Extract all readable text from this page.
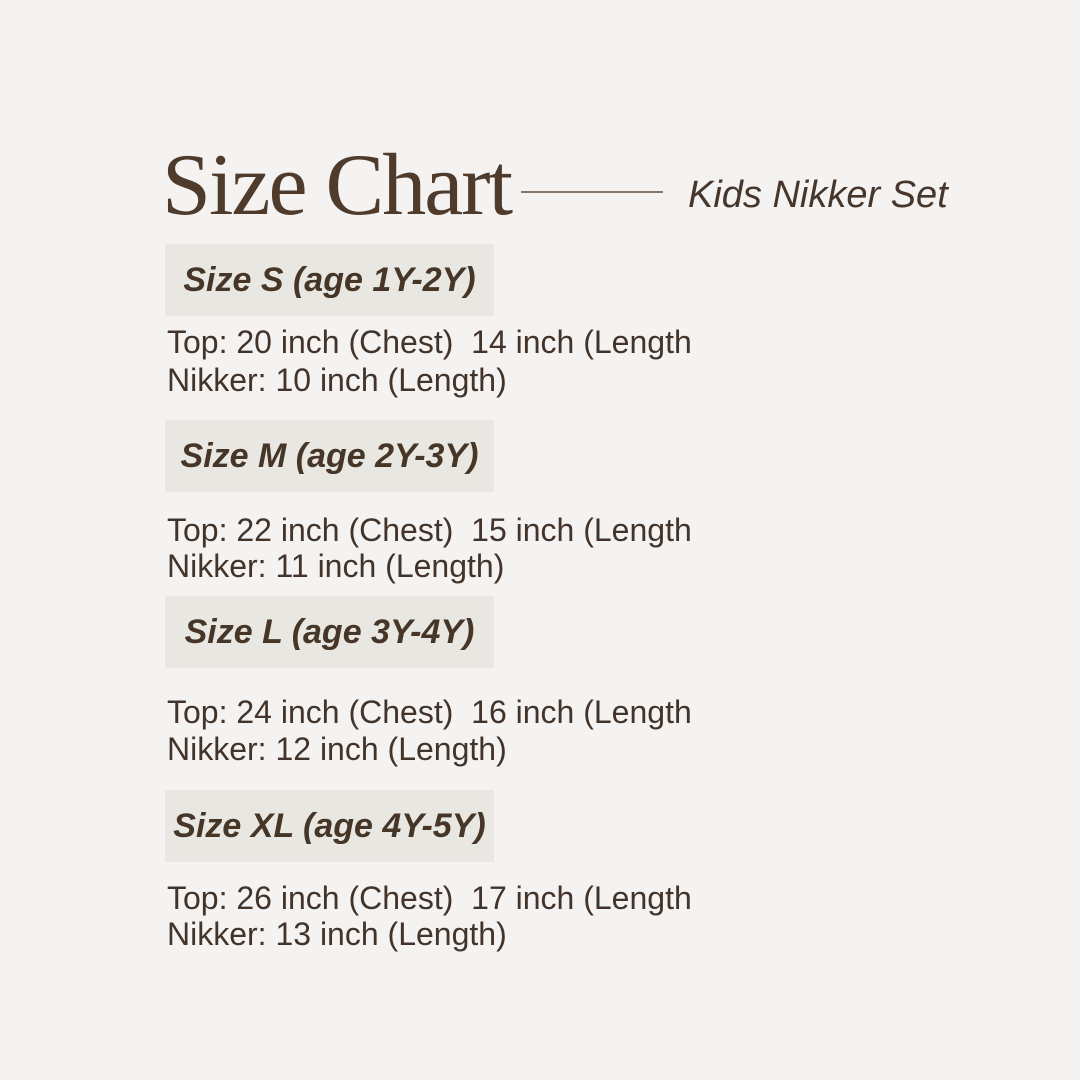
Size Chart	Kids Nikker Set
Size S (age 1Y-2Y)
Top: 20 inch (Chest)  14 inch (Length
Nikker: 10 inch (Length)
Size M (age 2Y-3Y)
Top: 22 inch (Chest)  15 inch (Length
Nikker: 11 inch (Length)
Size L (age 3Y-4Y)
Top: 24 inch (Chest)  16 inch (Length
Nikker: 12 inch (Length)
Size XL (age 4Y-5Y)
Top: 26 inch (Chest)  17 inch (Length
Nikker: 13 inch (Length)
